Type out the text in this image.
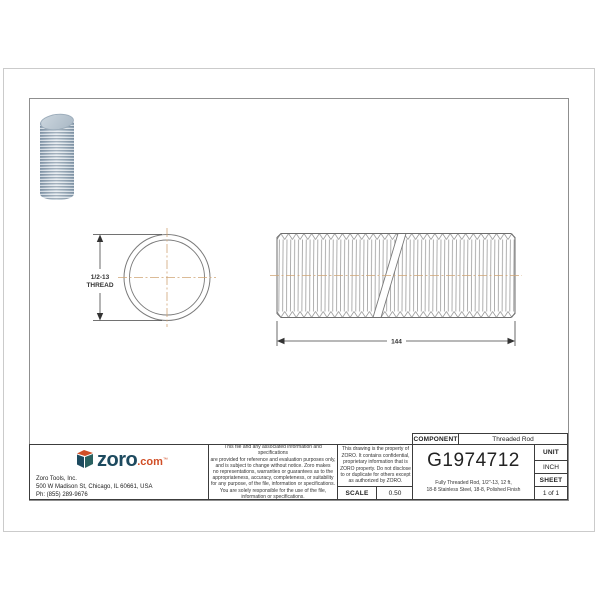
1/2-13
THREAD
144
COMPONENT	Threaded Rod
zoro .com ™
Zoro Tools, Inc.
500 W Madison St, Chicago, IL 60661, USA
Ph: (855) 289-9676
This file and any associated information and specifications
are provided for reference and evaluation purposes only,
and is subject to change without notice. Zoro makes
no representations, warranties or guarantees as to the
appropriateness, accuracy, completeness, or suitability
for any purpose, of the file, information or specifications.
You are solely responsible for the use of the file,
information or specifications.
This drawing is the property of
ZORO. It contains confidential,
proprietary information that is
ZORO property. Do not disclose
to or duplicate for others except
as authorized by ZORO.
SCALE	0.50
G1974712
Fully Threaded Rod, 1/2"-13, 12 ft,
18-8 Stainless Steel, 18-8, Polished Finish
UNIT
INCH
SHEET
1 of 1
